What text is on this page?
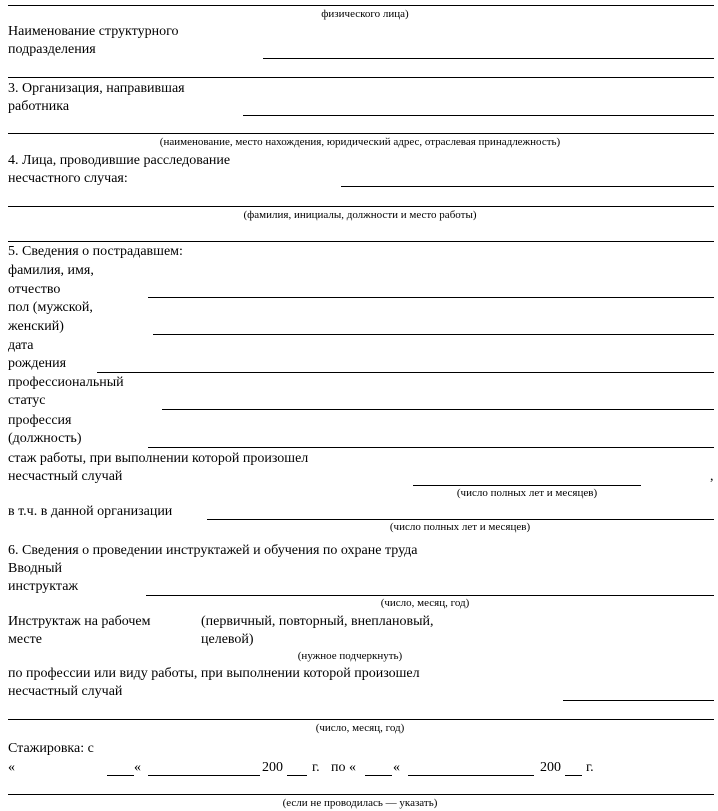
физического лица)
Наименование структурного
подразделения
3. Организация, направившая
работника
(наименование, место нахождения, юридический адрес, отраслевая принадлежность)
4. Лица, проводившие расследование
несчастного случая:
(фамилия, инициалы, должности и место работы)
5. Сведения о пострадавшем:
фамилия, имя,
отчество
пол (мужской,
женский)
дата
рождения
профессиональный
статус
профессия
(должность)
стаж работы, при выполнении которой произошел
несчастный случай	,
(число полных лет и месяцев)
в т.ч. в данной организации
(число полных лет и месяцев)
6. Сведения о проведении инструктажей и обучения по охране труда
Вводный
инструктаж
(число, месяц, год)
Инструктаж на рабочем
месте
(первичный, повторный, внеплановый,
целевой)
(нужное подчеркнуть)
по профессии или виду работы, при выполнении которой произошел
несчастный случай
(число, месяц, год)
Стажировка: с
«	«	200 г. по «	«	200 г.
(если не проводилась — указать)
